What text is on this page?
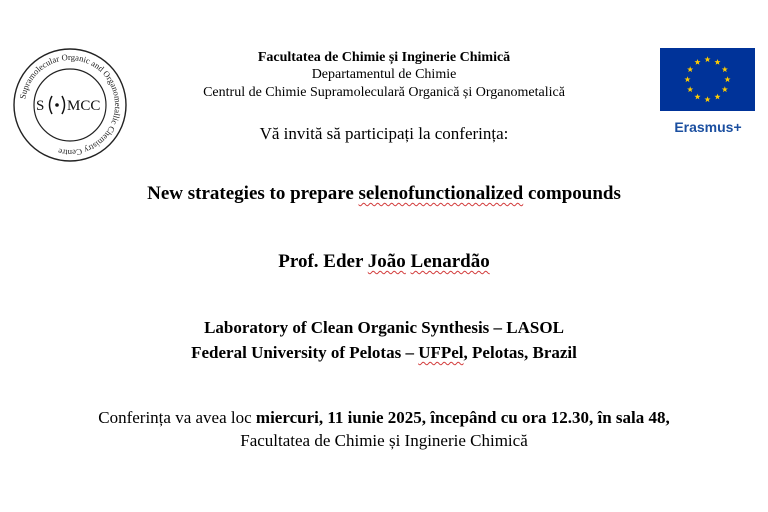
Supramolecular Organic and Organometallic Chemistry Centre
S MCC
Facultatea de Chimie și Inginerie Chimică
Departamentul de Chimie
Centrul de Chimie Supramoleculară Organică și Organometalică
Vă invită să participați la conferința:	Erasmus+
New strategies to prepare selenofunctionalized compounds
Prof. Eder João Lenardão
Laboratory of Clean Organic Synthesis – LASOL
Federal University of Pelotas – UFPel, Pelotas, Brazil
Conferința va avea loc miercuri, 11 iunie 2025, începând cu ora 12.30, în sala 48,
Facultatea de Chimie și Inginerie Chimică
